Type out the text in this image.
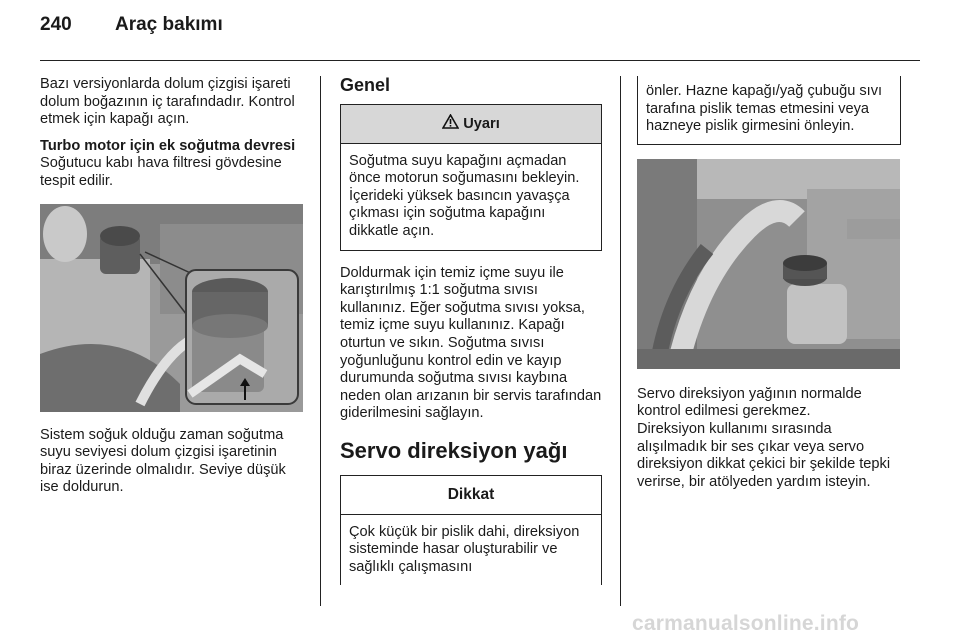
240 Araç bakımı

Bazı versiyonlarda dolum çizgisi işareti dolum boğazının iç tarafındadır. Kontrol etmek için kapağı açın.

Turbo motor için ek soğutma devresi

Soğutucu kabı hava filtresi gövdesine tespit edilir.

Sistem soğuk olduğu zaman soğutma suyu seviyesi dolum çizgisi işaretinin biraz üzerinde olmalıdır. Seviye düşük ise doldurun.

Genel

Uyarı

Soğutma suyu kapağını açmadan önce motorun soğumasını bekleyin. İçerideki yüksek basıncın yavaşça çıkması için soğutma kapağını dikkatle açın.

Doldurmak için temiz içme suyu ile karıştırılmış 1:1 soğutma sıvısı kullanınız. Eğer soğutma sıvısı yoksa, temiz içme suyu kullanınız. Kapağı oturtun ve sıkın. Soğutma sıvısı yoğunluğunu kontrol edin ve kayıp durumunda soğutma sıvısı kaybına neden olan arızanın bir servis tarafından giderilmesini sağlayın.

Servo direksiyon yağı

Dikkat

Çok küçük bir pislik dahi, direksiyon sisteminde hasar oluşturabilir ve sağlıklı çalışmasını

önler. Hazne kapağı/yağ çubuğu sıvı tarafına pislik temas etmesini veya hazneye pislik girmesini önleyin.

Servo direksiyon yağının normalde kontrol edilmesi gerekmez.

Direksiyon kullanımı sırasında alışılmadık bir ses çıkar veya servo direksiyon dikkat çekici bir şekilde tepki verirse, bir atölyeden yardım isteyin.

carmanualsonline.info
